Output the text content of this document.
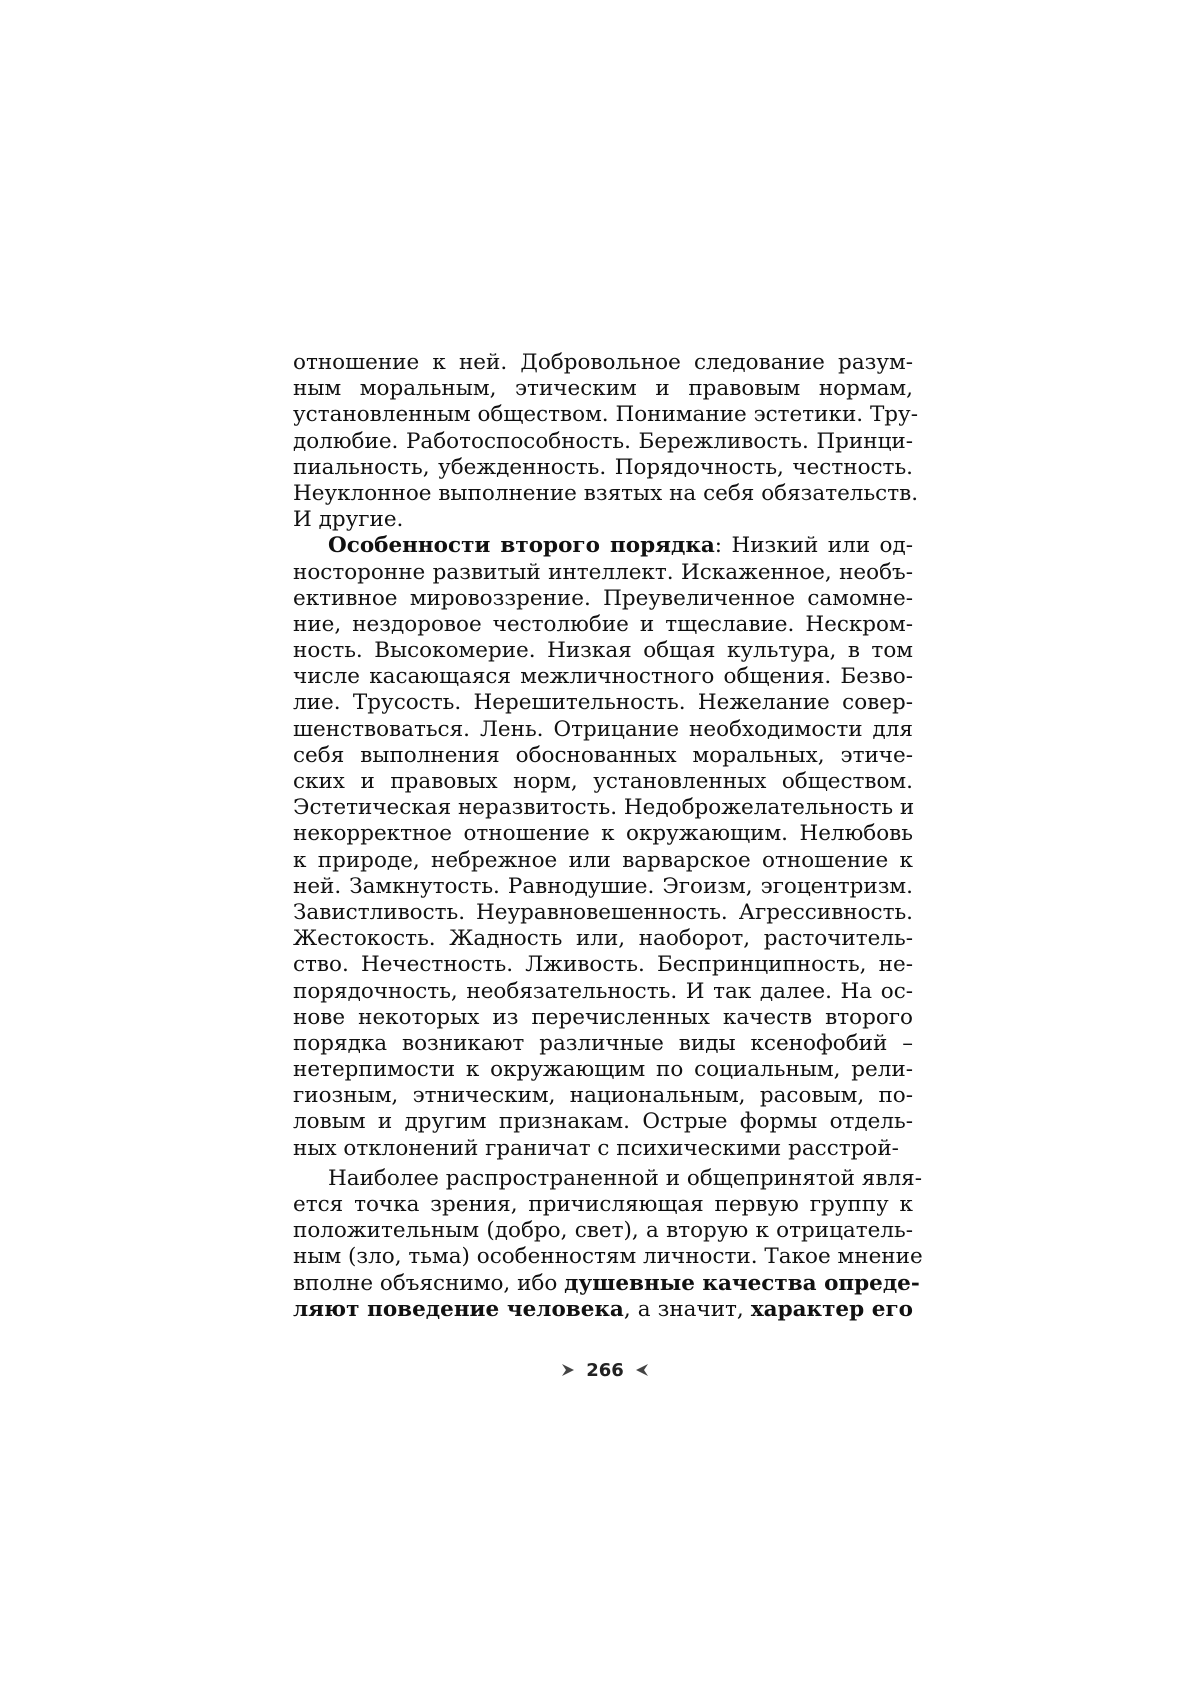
отношение к ней. Добровольное следование разум-
ным моральным, этическим и правовым нормам,
установленным обществом. Понимание эстетики. Тру-
долюбие. Работоспособность. Бережливость. Принци-
пиальность, убежденность. Порядочность, честность.
Неуклонное выполнение взятых на себя обязательств.
И другие.
Особенности второго порядка: Низкий или од-
носторонне развитый интеллект. Искаженное, необъ-
ективное мировоззрение. Преувеличенное самомне-
ние, нездоровое честолюбие и тщеславие. Нескром-
ность. Высокомерие. Низкая общая культура, в том
числе касающаяся межличностного общения. Безво-
лие. Трусость. Нерешительность. Нежелание совер-
шенствоваться. Лень. Отрицание необходимости для
себя выполнения обоснованных моральных, этиче-
ских и правовых норм, установленных обществом.
Эстетическая неразвитость. Недоброжелательность и
некорректное отношение к окружающим. Нелюбовь
к природе, небрежное или варварское отношение к
ней. Замкнутость. Равнодушие. Эгоизм, эгоцентризм.
Завистливость. Неуравновешенность. Агрессивность.
Жестокость. Жадность или, наоборот, расточитель-
ство. Нечестность. Лживость. Беспринципность, не-
порядочность, необязательность. И так далее. На ос-
нове некоторых из перечисленных качеств второго
порядка возникают различные виды ксенофобий –
нетерпимости к окружающим по социальным, рели-
гиозным, этническим, национальным, расовым, по-
ловым и другим признакам. Острые формы отдель-
ных отклонений граничат с психическими расстрой-
Наиболее распространенной и общепринятой явля-
ется точка зрения, причисляющая первую группу к
положительным (добро, свет), а вторую к отрицатель-
ным (зло, тьма) особенностям личности. Такое мнение
вполне объяснимо, ибо душевные качества опреде-
ляют поведение человека, а значит, характер его
266
